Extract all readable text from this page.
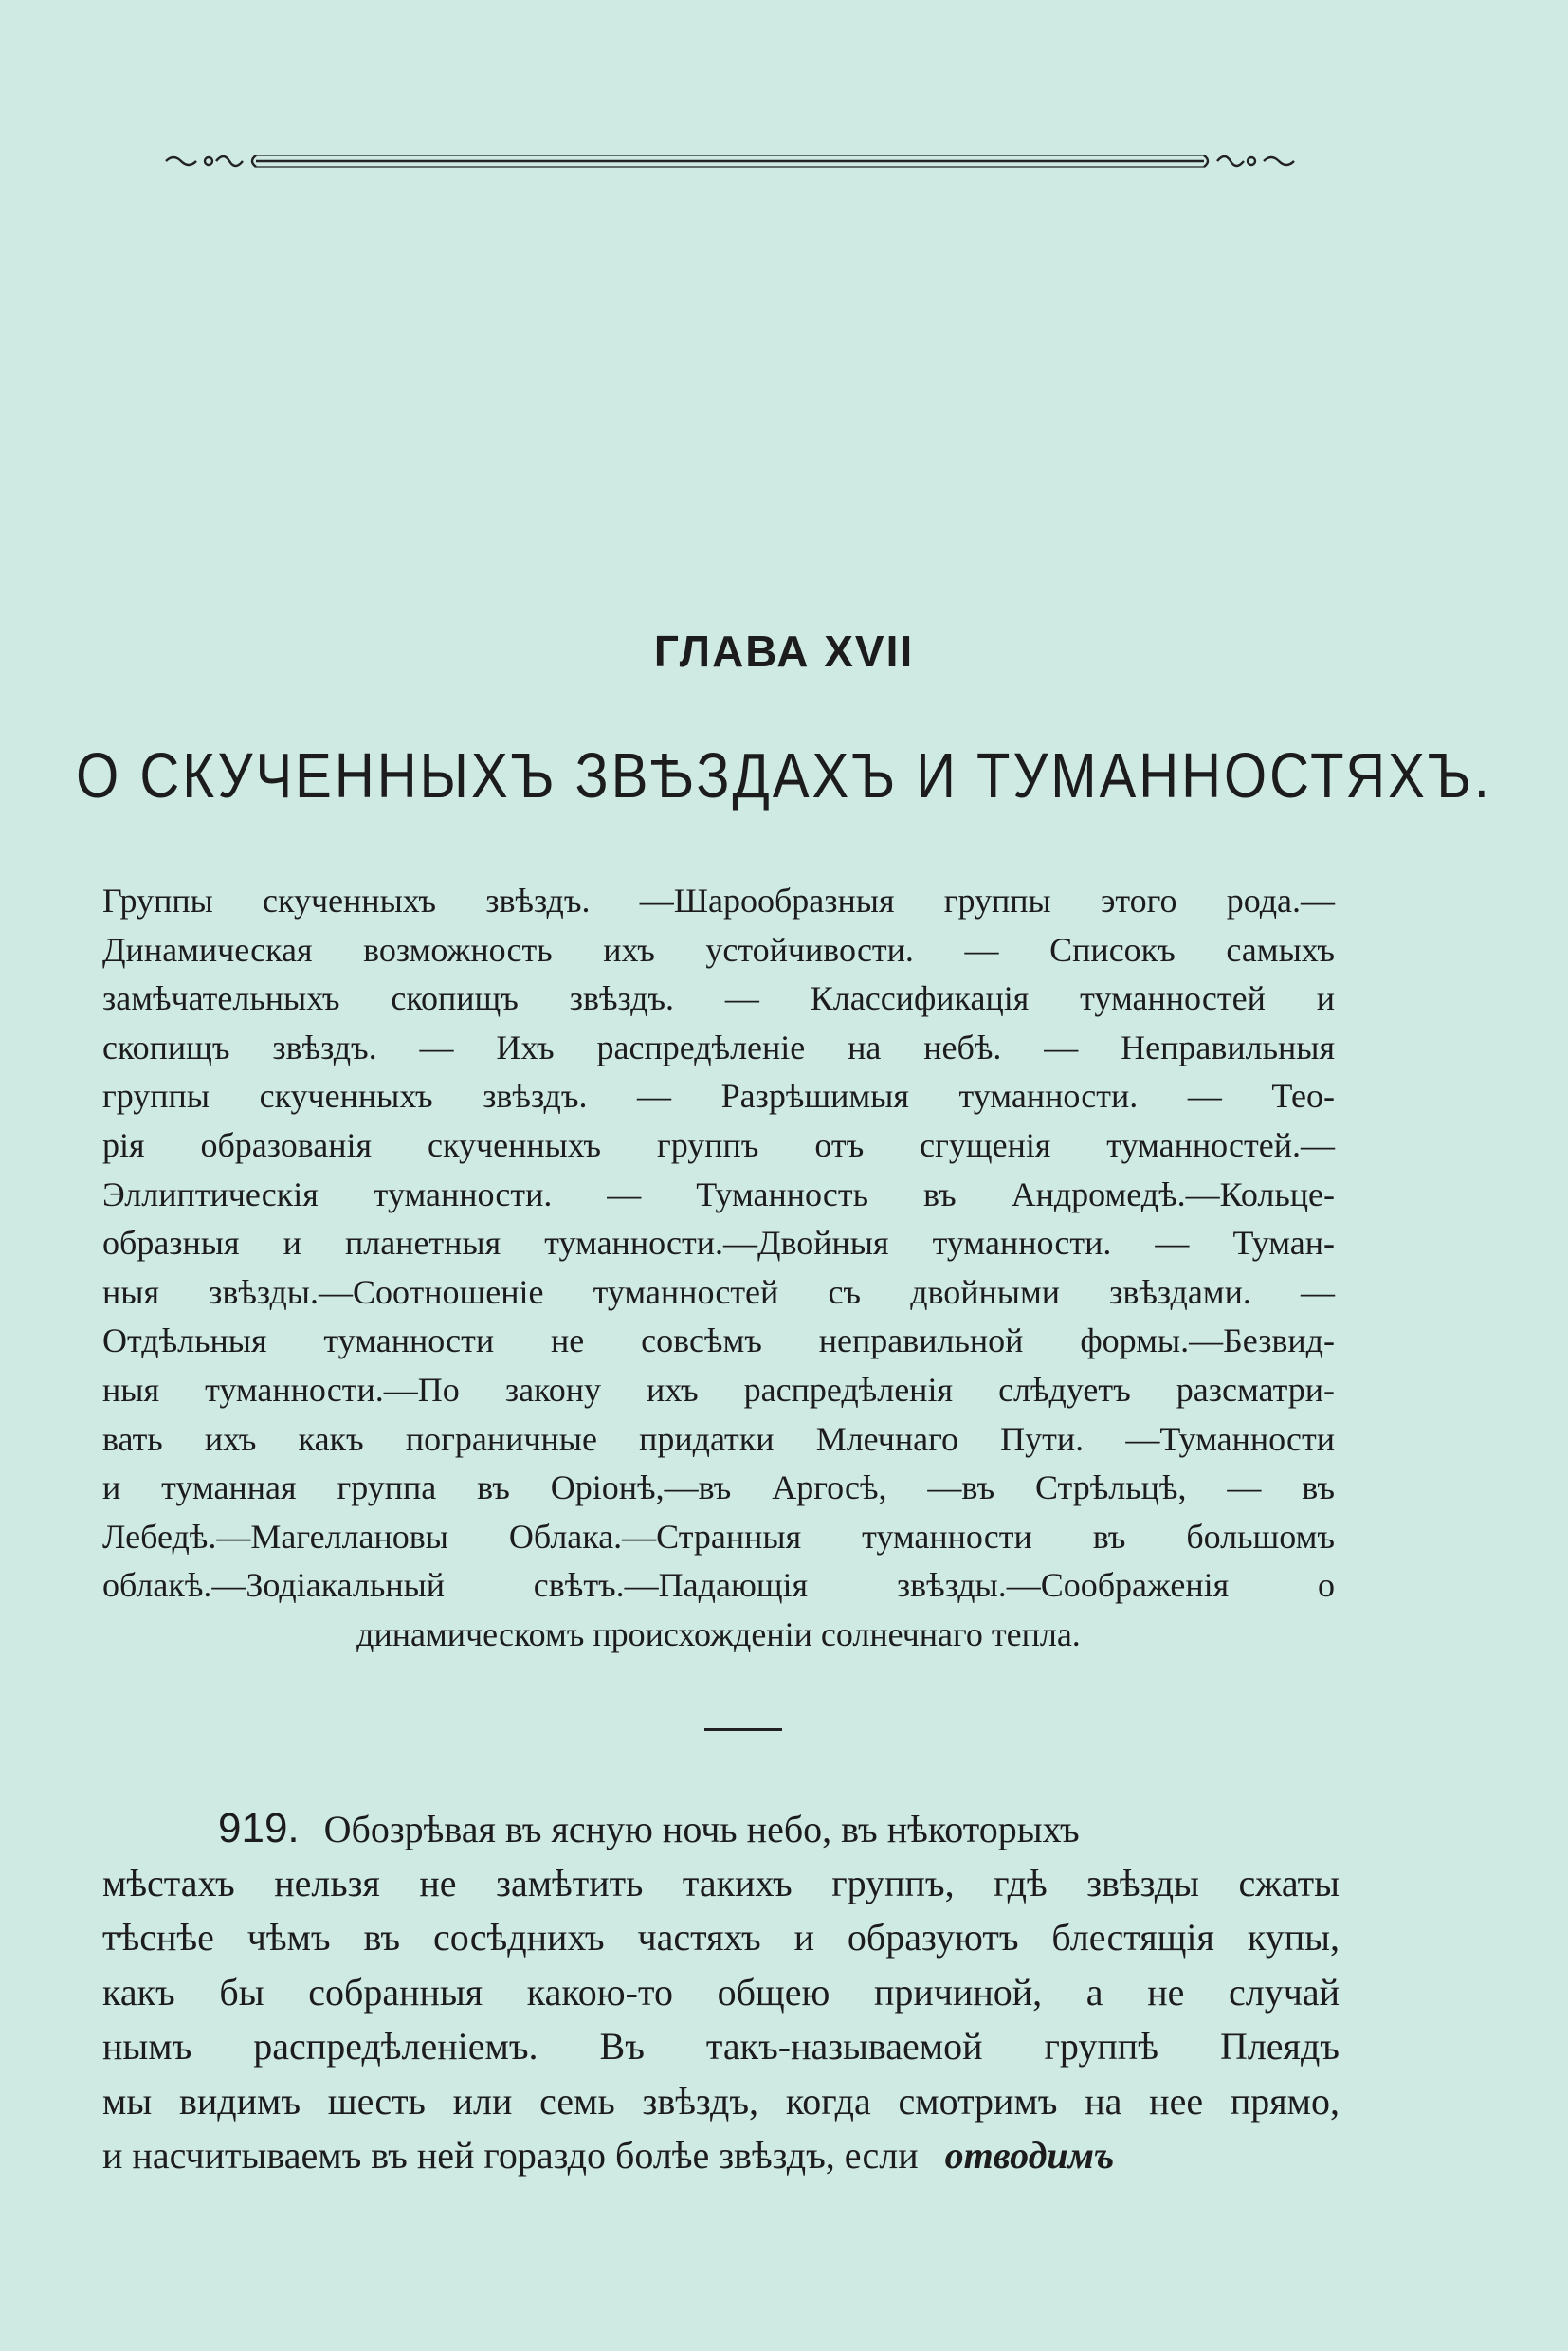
ГЛАВА XVII
О СКУЧЕННЫХЪ ЗВѢЗДАХЪ И ТУМАННОСТЯХЪ.
Группы скученныхъ звѣздъ. —Шарообразныя группы этого рода.—
Динамическая возможность ихъ устойчивости. — Списокъ самыхъ
замѣчательныхъ скопищъ звѣздъ. — Классификація туманностей и
скопищъ звѣздъ. — Ихъ распредѣленіе на небѣ. — Неправильныя
группы скученныхъ звѣздъ. — Разрѣшимыя туманности. — Тео-
рія образованія скученныхъ группъ отъ сгущенія туманностей.—
Эллиптическія туманности. — Туманность въ Андромедѣ.—Кольце-
образныя и планетныя туманности.—Двойныя туманности. — Туман-
ныя звѣзды.—Соотношеніе туманностей съ двойными звѣздами. —
Отдѣльныя туманности не совсѣмъ неправильной формы.—Безвид-
ныя туманности.—По закону ихъ распредѣленія слѣдуетъ разсматри-
вать ихъ какъ пограничные придатки Млечнаго Пути. —Туманности
и туманная группа въ Оріонѣ,—въ Аргосѣ, —въ Стрѣльцѣ, — въ
Лебедѣ.—Магеллановы Облака.—Странныя туманности въ большомъ
облакѣ.—Зодіакальный свѣтъ.—Падающія звѣзды.—Соображенія о
динамическомъ происхожденіи солнечнаго тепла.
919. Обозрѣвая въ ясную ночь небо, въ нѣкоторыхъ
мѣстахъ нельзя не замѣтить такихъ группъ, гдѣ звѣзды сжаты
тѣснѣе чѣмъ въ сосѣднихъ частяхъ и образуютъ блестящія купы,
какъ бы собранныя какою-то общею причиной, а не случай
нымъ распредѣленіемъ. Въ такъ-называемой группѣ Плеядъ
мы видимъ шесть или семь звѣздъ, когда смотримъ на нее прямо,
и насчитываемъ въ ней гораздо болѣе звѣздъ, если отводимъ
